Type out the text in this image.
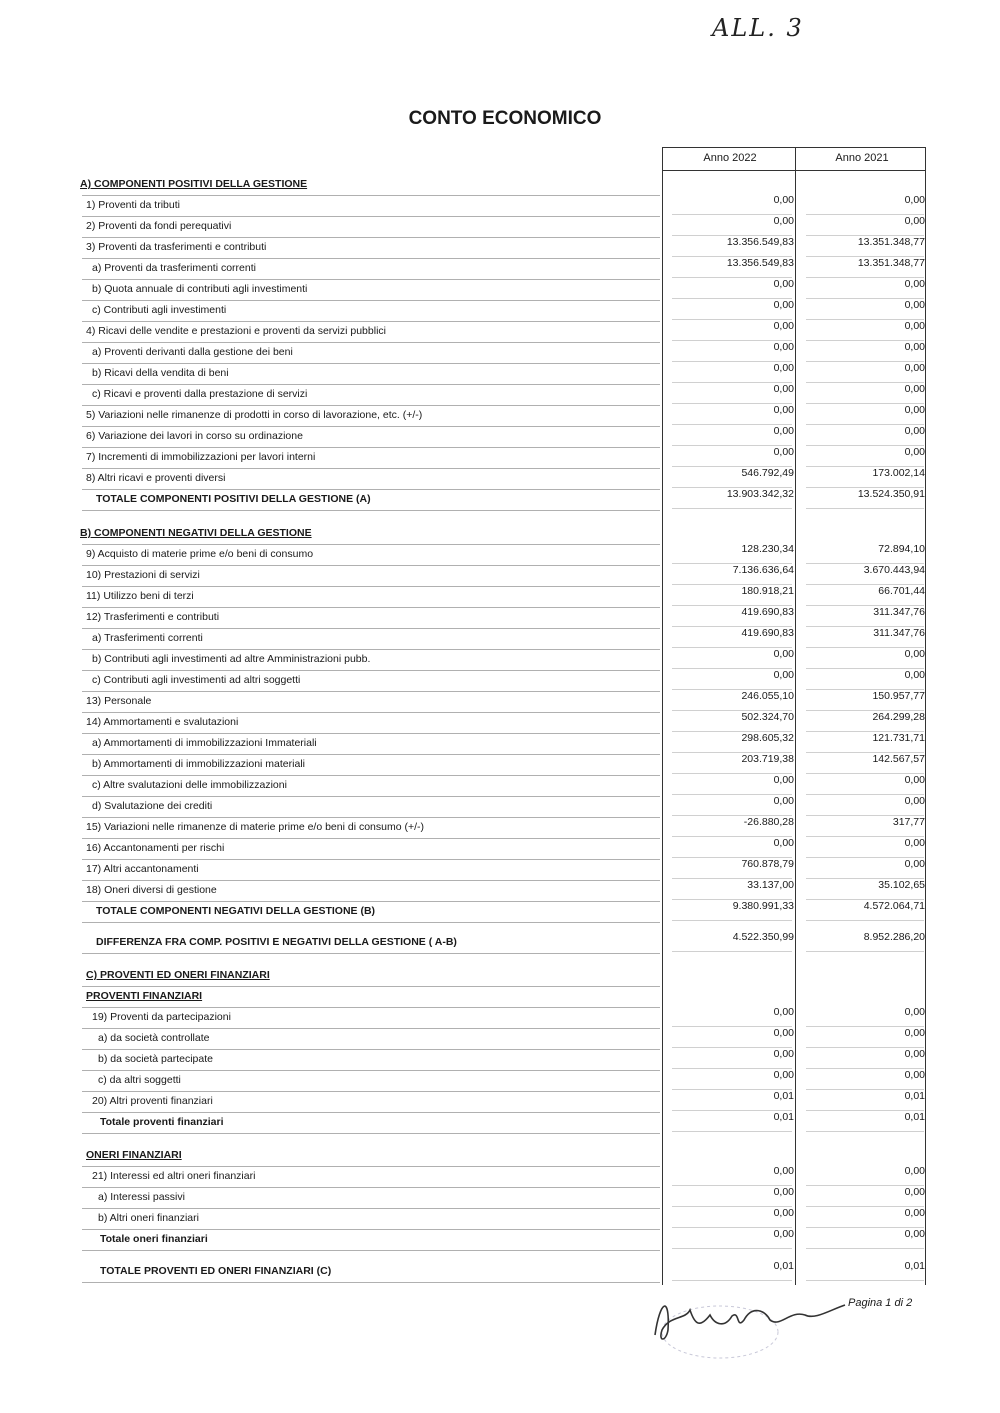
ALL. 3
CONTO ECONOMICO
Anno 2022	Anno 2021
A) COMPONENTI POSITIVI DELLA GESTIONE
1) Proventi da tributi	0,00	0,00
2) Proventi da fondi perequativi	0,00	0,00
3) Proventi da trasferimenti e contributi	13.356.549,83	13.351.348,77
a) Proventi da trasferimenti correnti	13.356.549,83	13.351.348,77
b) Quota annuale di contributi agli investimenti	0,00	0,00
c) Contributi agli investimenti	0,00	0,00
4) Ricavi delle vendite e prestazioni e proventi da servizi pubblici	0,00	0,00
a) Proventi derivanti dalla gestione dei beni	0,00	0,00
b) Ricavi della vendita di beni	0,00	0,00
c) Ricavi e proventi dalla prestazione di servizi	0,00	0,00
5) Variazioni nelle rimanenze di prodotti in corso di lavorazione, etc. (+/-)	0,00	0,00
6) Variazione dei lavori in corso su ordinazione	0,00	0,00
7) Incrementi di immobilizzazioni per lavori interni	0,00	0,00
8) Altri ricavi e proventi diversi	546.792,49	173.002,14
TOTALE COMPONENTI POSITIVI DELLA GESTIONE (A)	13.903.342,32	13.524.350,91
B) COMPONENTI NEGATIVI DELLA GESTIONE
9) Acquisto di materie prime e/o beni di consumo	128.230,34	72.894,10
10) Prestazioni di servizi	7.136.636,64	3.670.443,94
11) Utilizzo beni di terzi	180.918,21	66.701,44
12) Trasferimenti e contributi	419.690,83	311.347,76
a) Trasferimenti correnti	419.690,83	311.347,76
b) Contributi agli investimenti ad altre Amministrazioni pubb.	0,00	0,00
c) Contributi agli investimenti ad altri soggetti	0,00	0,00
13) Personale	246.055,10	150.957,77
14) Ammortamenti e svalutazioni	502.324,70	264.299,28
a) Ammortamenti di immobilizzazioni Immateriali	298.605,32	121.731,71
b) Ammortamenti di immobilizzazioni materiali	203.719,38	142.567,57
c) Altre svalutazioni delle immobilizzazioni	0,00	0,00
d) Svalutazione dei crediti	0,00	0,00
15) Variazioni nelle rimanenze di materie prime e/o beni di consumo (+/-)	-26.880,28	317,77
16) Accantonamenti per rischi	0,00	0,00
17) Altri accantonamenti	760.878,79	0,00
18) Oneri diversi di gestione	33.137,00	35.102,65
TOTALE COMPONENTI NEGATIVI DELLA GESTIONE (B)	9.380.991,33	4.572.064,71
DIFFERENZA FRA COMP. POSITIVI E NEGATIVI DELLA GESTIONE ( A-B)	4.522.350,99	8.952.286,20
C) PROVENTI ED ONERI FINANZIARI
PROVENTI FINANZIARI
19) Proventi da partecipazioni	0,00	0,00
a) da società controllate	0,00	0,00
b) da società partecipate	0,00	0,00
c) da altri soggetti	0,00	0,00
20) Altri proventi finanziari	0,01	0,01
Totale proventi finanziari	0,01	0,01
ONERI FINANZIARI
21) Interessi ed altri oneri finanziari	0,00	0,00
a) Interessi passivi	0,00	0,00
b) Altri oneri finanziari	0,00	0,00
Totale oneri finanziari	0,00	0,00
TOTALE PROVENTI ED ONERI FINANZIARI (C)	0,01	0,01
Pagina 1 di 2
